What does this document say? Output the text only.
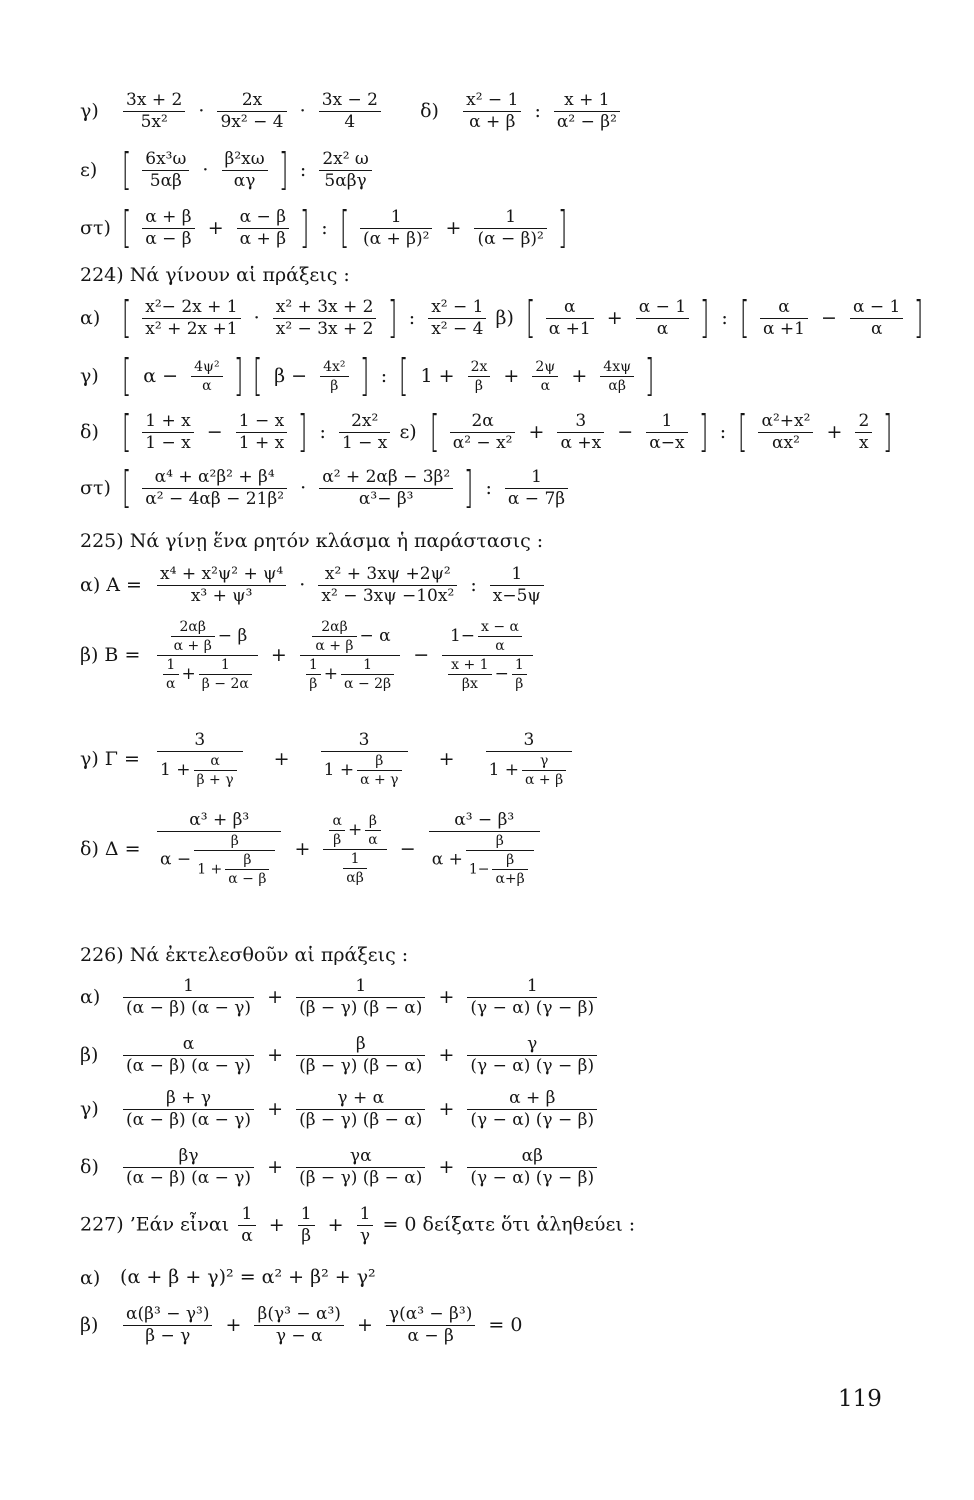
$\gamma) \frac{3x + 2}{\text{5x²}} \cdot \frac{2x}{\text{9x² − 4}} \cdot \frac{3x - 2}{4} \delta) \frac{\text{x² − 1}}{\alpha + \beta}$ : $\frac{x + 1}{\text{α² − β²}}$
ε) [ $\frac{\text{6x³ω}}{5\alpha\beta} \cdot \frac{\text{β²xω}}{\alpha\gamma}$ ] : 2x² ω
5αβγ
στ) [ $\frac{\alpha + \beta}{\alpha - \beta} + \frac{\alpha - \beta}{\alpha + \beta}$ ] : [ $\frac{1}{\text{(α + β)²}} + \frac{1}{\text{(α − β)²}}$ ]
224) Νά γίνουν αἱ πράξεις :
α) [ $\frac{\text{x²− 2x + 1}}{\text{x² + 2x +1}} \cdot \frac{\text{x² + 3x + 2}}{\text{x² − 3x + 2}}$ ] : $\frac{\text{x² − 1}}{\text{x² − 4}} \beta$) [ $\frac{\alpha}{\alpha +1} + \frac{\alpha - 1}{\alpha}$ ] : [ $\frac{\alpha}{\alpha +1} - \frac{\alpha - 1}{\alpha}$ ]
γ) [ $\alpha - \frac{\text{4ψ²}}{\alpha}$ ] [ $\beta - \frac{\text{4x²}}{\beta}$ ] : [ $1 + \frac{2x}{\beta} + \frac{2\psi}{\alpha} + \frac{4x\psi}{\alpha\beta}$ ]
δ) [ $\frac{1 + x}{1 - x} - \frac{1 - x}{1 + x}$ ] : $\frac{\text{2x²}}{1 - x} \varepsilon$) [ $\frac{2\alpha}{\text{α² − x²}} + \frac{3}{\alpha +x} - \frac{1}{\alpha-x}$ ] : [ $\frac{\text{α²+x²}}{\text{αx²}} + \frac{2}{x}$ ]
στ) [ $\frac{\text{α⁴ + α²β² + β⁴}}{\text{α² − 4αβ − 21β²}} \cdot \frac{\text{α² + 2αβ − 3β²}}{\text{α³− β³}}$ ] : $\frac{1}{\alpha - 7\beta}$
225) Νά γίνῃ ἕνα ρητόν κλάσμα ἡ παράστασις :
α) $A = \frac{\text{x⁴ + x²ψ² + ψ⁴}}{\text{x³ + ψ³}} \cdot \frac{\text{x² + 3xψ +2ψ²}}{\text{x² − 3xψ −10x²}}$ : $\frac{1}{x-5\psi}$
β) Β =
$\frac{2\alpha\beta}{\alpha + \beta} - \beta$
$\frac{1}{\alpha} + \frac{1}{\beta - 2\alpha}$
+
$\frac{2\alpha\beta}{\alpha + \beta} - \alpha$
$\frac{1}{\beta} + \frac{1}{\alpha - 2\beta}$
− $\frac{1- \frac{x - \alpha}{\alpha}}{\frac{x + 1}{\beta x} - \frac{1}{\beta}}$
γ) $\Gamma = \frac{3}{1 + \frac{\alpha}{\beta + \gamma}} + \frac{3}{1 + \frac{\beta}{\alpha + \gamma}} + \frac{3}{1 + \frac{\gamma}{\alpha + \beta}}$
δ) $\Delta = \frac{\text{α³ + β³}}{\alpha - \frac{\beta}{1 + \frac{\beta}{\alpha - \beta}}} + \frac{\frac{\alpha}{\beta} + \frac{\beta}{\alpha}}{\frac{1}{\alpha\beta}} - \frac{\text{α³ − β³}}{\alpha + \frac{\beta}{1- \frac{\beta}{\alpha+\beta}}}$
226) Νά ἐκτελεσθοῦν αἱ πράξεις :
$\alpha) \frac{1}{(\alpha - \beta) (\alpha - \gamma)} + \frac{1}{(\beta - \gamma) (\beta - \alpha)} + \frac{1}{(\gamma - \alpha) (\gamma - \beta)}$
$\beta) \frac{\alpha}{(\alpha - \beta) (\alpha - \gamma)} + \frac{\beta}{(\beta - \gamma) (\beta - \alpha)} + \frac{\gamma}{(\gamma - \alpha) (\gamma - \beta)}$
$\gamma) \frac{\beta + \gamma}{(\alpha - \beta) (\alpha - \gamma)} + \frac{\gamma + \alpha}{(\beta - \gamma) (\beta - \alpha)} + \frac{\alpha + \beta}{(\gamma - \alpha) (\gamma - \beta)}$
$\delta) \frac{\beta\gamma}{(\alpha - \beta) (\alpha - \gamma)} + \frac{\gamma\alpha}{(\beta - \gamma) (\beta - \alpha)} + \frac{\alpha\beta}{(\gamma - \alpha) (\gamma - \beta)}$
227) ’Εάν εἶναι $\frac{1}{\alpha} + \frac{1}{\beta} + \frac{1}{\gamma} = 0$ δείξατε ὅτι ἀληθεύει :
α) (α + β + γ)² = α² + β² + γ²
$\beta) \frac{\text{α(β³ − γ³)}}{\beta - \gamma} + \frac{\text{β(γ³ − α³)}}{\gamma - \alpha} + \frac{\text{γ(α³ − β³)}}{\alpha - \beta} = 0$
119
